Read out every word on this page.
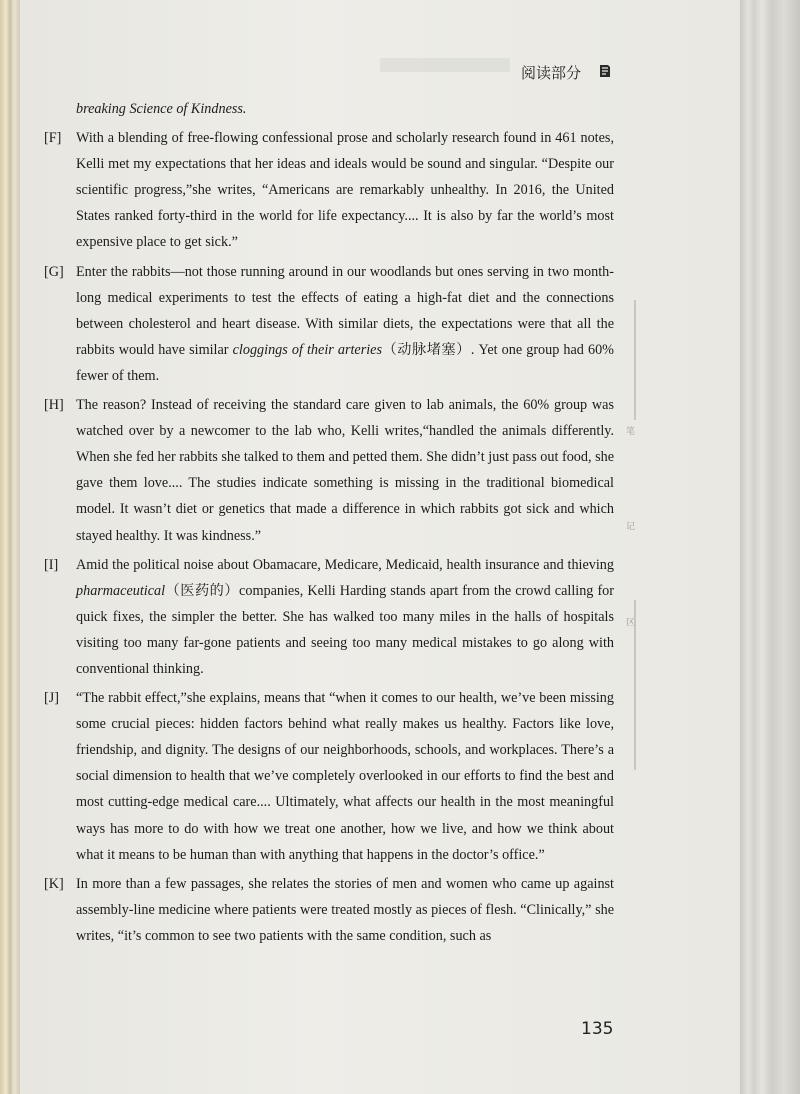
阅读部分
笔
记
区

breaking Science of Kindness.

[F]	With a blending of free-flowing confessional prose and scholarly research found in 461 notes, Kelli met my expectations that her ideas and ideals would be sound and singular. “Despite our scientific progress,”she writes, “Americans are remarkably unhealthy. In 2016, the United States ranked forty-third in the world for life expectancy.... It is also by far the world’s most expensive place to get sick.”
[G] Enter the rabbits—not those running around in our woodlands but ones serving in two month-long medical experiments to test the effects of eating a high-fat diet and the connections between cholesterol and heart disease. With similar diets, the expectations were that all the rabbits would have similar cloggings of their arteries（动脉堵塞）. Yet one group had 60% fewer of them.
[H] The reason? Instead of receiving the standard care given to lab animals, the 60% group was watched over by a newcomer to the lab who, Kelli writes,“handled the animals differently. When she fed her rabbits she talked to them and petted them. She didn’t just pass out food, she gave them love.... The studies indicate something is missing in the traditional biomedical model. It wasn’t diet or genetics that made a difference in which rabbits got sick and which stayed healthy. It was kindness.”
[I]	Amid the political noise about Obamacare, Medicare, Medicaid, health insurance and thieving pharmaceutical（医药的）companies, Kelli Harding stands apart from the crowd calling for quick fixes, the simpler the better. She has walked too many miles in the halls of hospitals visiting too many far-gone patients and seeing too many medical mistakes to go along with conventional thinking.
[J]	“The rabbit effect,”she explains, means that “when it comes to our health, we’ve been missing some crucial pieces: hidden factors behind what really makes us healthy. Factors like love, friendship, and dignity. The designs of our neighborhoods, schools, and workplaces. There’s a social dimension to health that we’ve completely overlooked in our efforts to find the best and most cutting-edge medical care.... Ultimately, what affects our health in the most meaningful ways has more to do with how we treat one another, how we live, and how we think about what it means to be human than with anything that happens in the doctor’s office.”
[K] In more than a few passages, she relates the stories of men and women who came up against assembly-line medicine where patients were treated mostly as pieces of flesh. “Clinically,” she writes, “it’s common to see two patients with the same condition, such as
135
